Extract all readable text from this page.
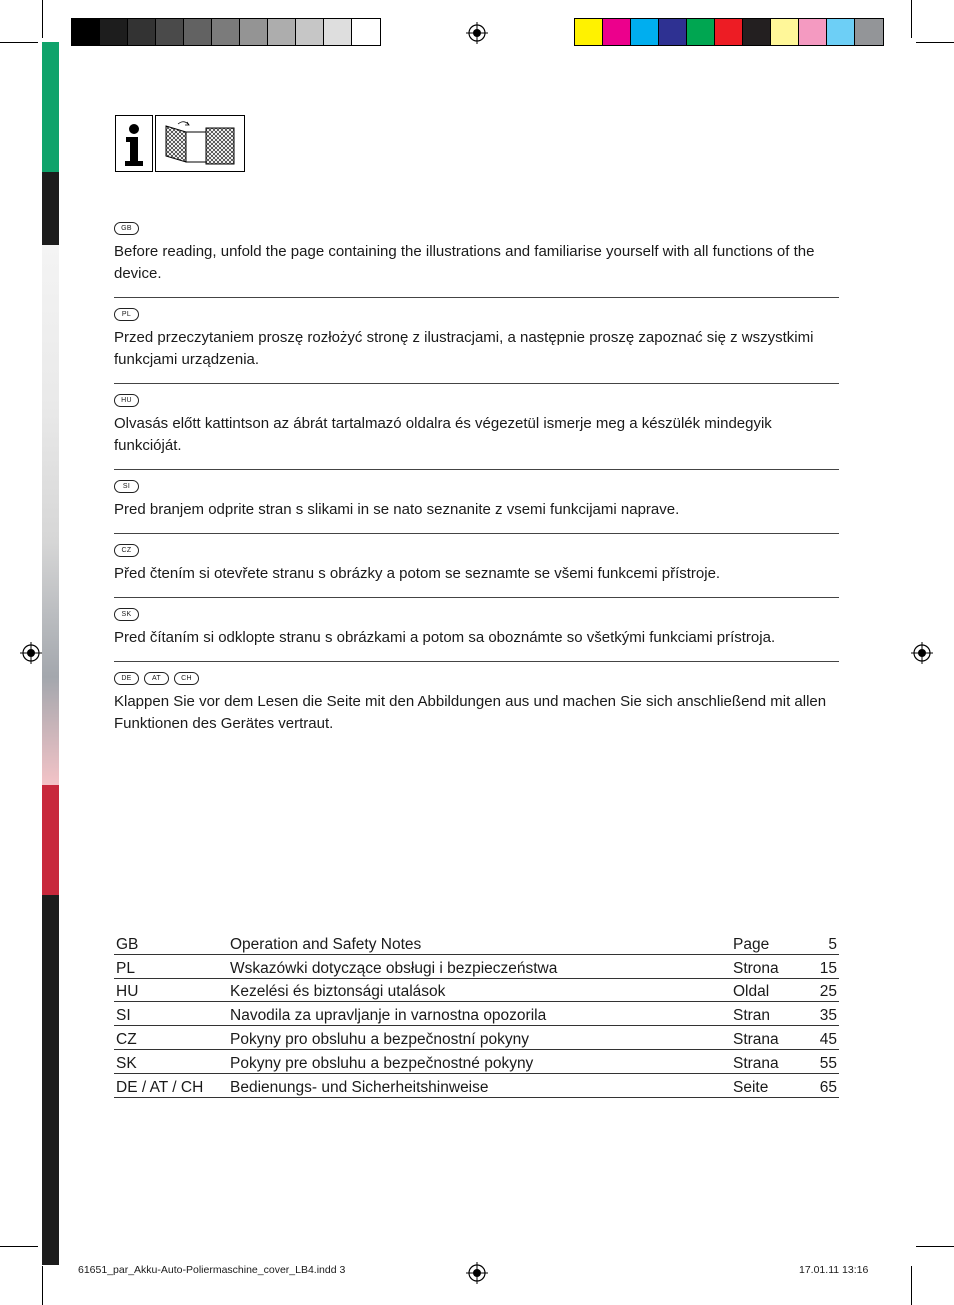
GB

Before reading, unfold the page containing the illustrations and familiarise yourself with all functions of the device.

PL

Przed przeczytaniem proszę rozłożyć stronę z ilustracjami, a następnie proszę zapoznać się z wszystkimi funkcjami urządzenia.

HU

Olvasás előtt kattintson az ábrát tartalmazó oldalra és végezetül ismerje meg a készülék mindegyik funkcióját.

SI

Pred branjem odprite stran s slikami in se nato seznanite z vsemi funkcijami naprave.

CZ

Před čtením si otevřete stranu s obrázky a potom se seznamte se všemi funkcemi přístroje.

SK

Pred čítaním si odklopte stranu s obrázkami a potom sa oboznámte so všetkými funkciami prístroja.

DE	AT	CH

Klappen Sie vor dem Lesen die Seite mit den Abbildungen aus und machen Sie sich anschließend mit allen Funktionen des Gerätes vertraut.

GB	Operation and Safety Notes	Page	5
PL	Wskazówki dotyczące obsługi i bezpieczeństwa	Strona	15
HU	Kezelési és biztonsági utalások	Oldal	25
SI	Navodila za upravljanje in varnostna opozorila	Stran	35
CZ	Pokyny pro obsluhu a bezpečnostní pokyny	Strana	45
SK	Pokyny pre obsluhu a bezpečnostné pokyny	Strana	55
DE / AT / CH	Bedienungs- und Sicherheitshinweise	Seite	65
61651_par_Akku-Auto-Poliermaschine_cover_LB4.indd 3	17.01.11 13:16
